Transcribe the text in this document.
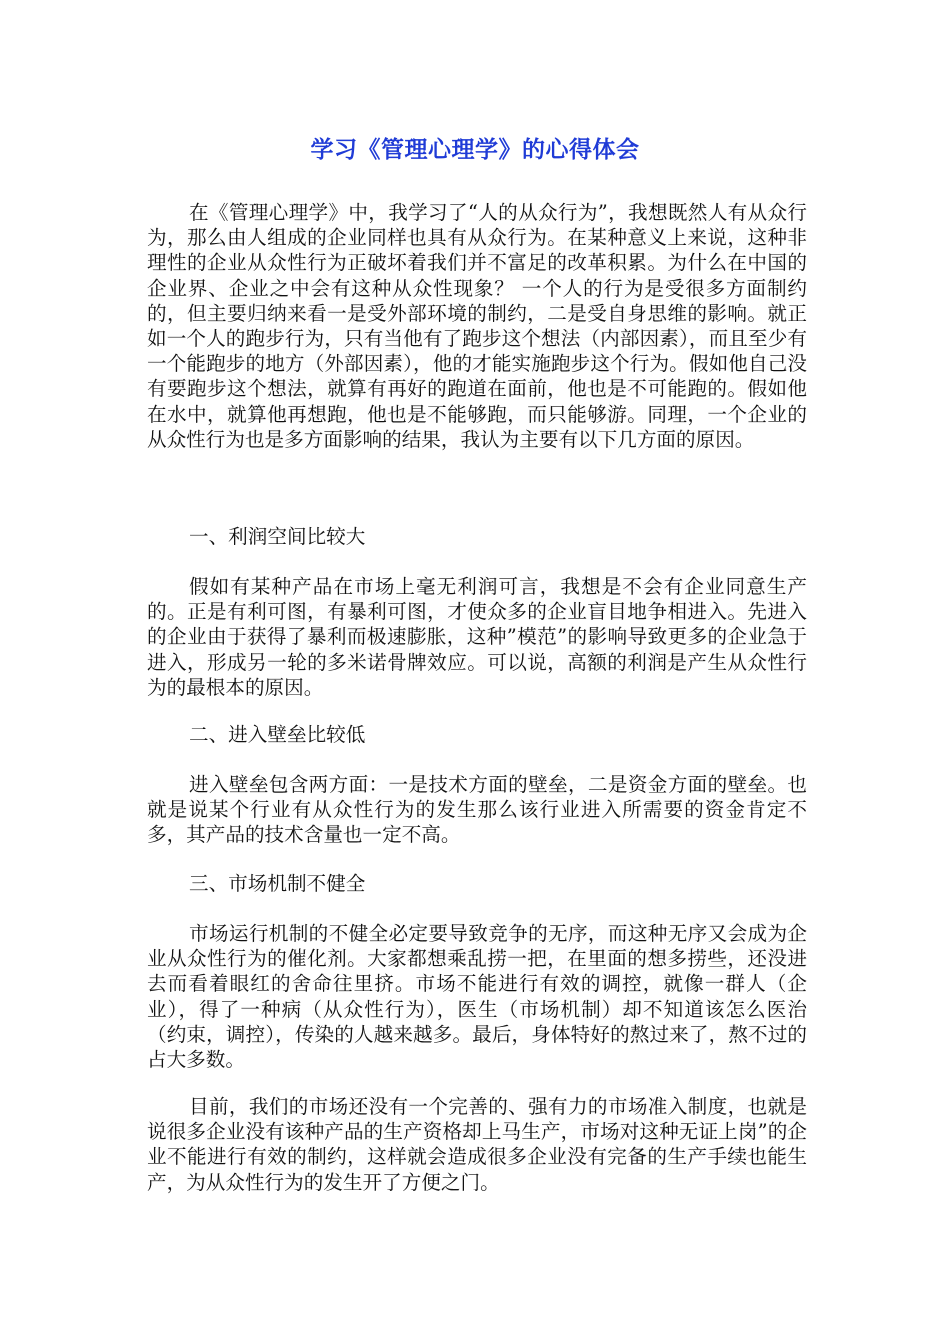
学习《管理心理学》的心得体会

在《管理心理学》中，我学习了“人的从众行为”，我想既然人有从众行为，那么由人组成的企业同样也具有从众行为。在某种意义上来说，这种非理性的企业从众性行为正破坏着我们并不富足的改革积累。为什么在中国的企业界、企业之中会有这种从众性现象？ 一个人的行为是受很多方面制约的，但主要归纳来看一是受外部环境的制约，二是受自身思维的影响。就正如一个人的跑步行为，只有当他有了跑步这个想法（内部因素），而且至少有一个能跑步的地方（外部因素），他的才能实施跑步这个行为。假如他自己没有要跑步这个想法，就算有再好的跑道在面前，他也是不可能跑的。假如他在水中，就算他再想跑，他也是不能够跑，而只能够游。同理，一个企业的从众性行为也是多方面影响的结果，我认为主要有以下几方面的原因。

一、利润空间比较大

假如有某种产品在市场上毫无利润可言，我想是不会有企业同意生产的。正是有利可图，有暴利可图，才使众多的企业盲目地争相进入。先进入的企业由于获得了暴利而极速膨胀，这种”模范”的影响导致更多的企业急于进入，形成另一轮的多米诺骨牌效应。可以说，高额的利润是产生从众性行为的最根本的原因。

二、进入壁垒比较低

进入壁垒包含两方面：一是技术方面的壁垒，二是资金方面的壁垒。也就是说某个行业有从众性行为的发生那么该行业进入所需要的资金肯定不多，其产品的技术含量也一定不高。

三、市场机制不健全

市场运行机制的不健全必定要导致竞争的无序，而这种无序又会成为企业从众性行为的催化剂。大家都想乘乱捞一把，在里面的想多捞些，还没进去而看着眼红的舍命往里挤。市场不能进行有效的调控，就像一群人（企业），得了一种病（从众性行为），医生（市场机制）却不知道该怎么医治（约束，调控），传染的人越来越多。最后，身体特好的熬过来了，熬不过的占大多数。

目前，我们的市场还没有一个完善的、强有力的市场准入制度，也就是说很多企业没有该种产品的生产资格却上马生产，市场对这种无证上岗”的企业不能进行有效的制约，这样就会造成很多企业没有完备的生产手续也能生产，为从众性行为的发生开了方便之门。
